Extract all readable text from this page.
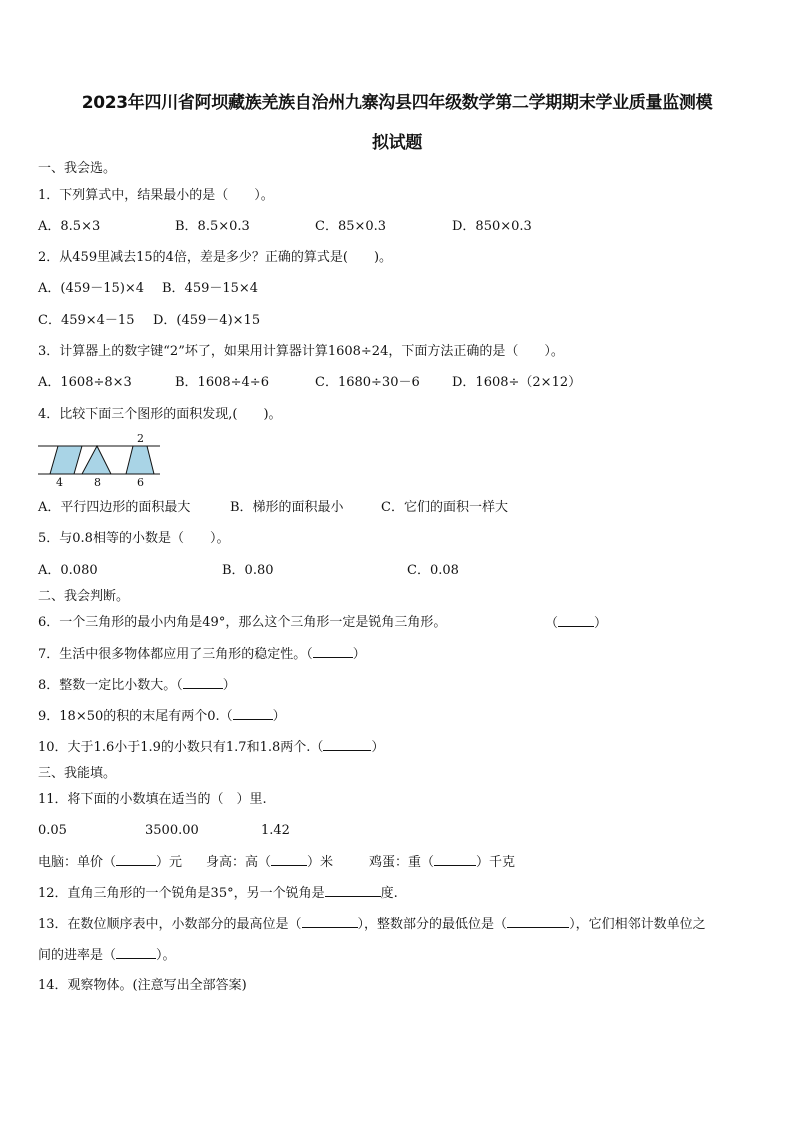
2023年四川省阿坝藏族羌族自治州九寨沟县四年级数学第二学期期末学业质量监测模
拟试题
一、我会选。
1．下列算式中，结果最小的是（　　）。
A．8.5×3	B．8.5×0.3	C．85×0.3	D．850×0.3
2．从459里减去15的4倍，差是多少？正确的算式是(　　)。
A．(459－15)×4 B．459－15×4
C．459×4－15 D．(459－4)×15
3．计算器上的数字键“2”坏了，如果用计算器计算1608÷24，下面方法正确的是（　　）。
A．1608÷8×3	B．1608÷4÷6	C．1680÷30－6 D．1608÷（2×12）
4．比较下面三个图形的面积发现,(　　)。
2
4	8	6
A．平行四边形的面积最大	B．梯形的面积最小	C．它们的面积一样大
5．与0.8相等的小数是（　　）。
A．0.080	B．0.80	C．0.08
二、我会判断。
6．一个三角形的最小内角是49°，那么这个三角形一定是锐角三角形。	（	）
7．生活中很多物体都应用了三角形的稳定性。（	）
8．整数一定比小数大。（	）
9．18×50的积的末尾有两个0.（	）
10．大于1.6小于1.9的小数只有1.7和1.8两个.（	）
三、我能填。
11．将下面的小数填在适当的（　）里.
0.05	3500.00	1.42
电脑：单价（	）元 身高：高（	）米	鸡蛋：重（	）千克
12．直角三角形的一个锐角是35°，另一个锐角是	度.
13．在数位顺序表中，小数部分的最高位是（	），整数部分的最低位是（	），它们相邻计数单位之
间的进率是（	）。
14．观察物体。(注意写出全部答案)
